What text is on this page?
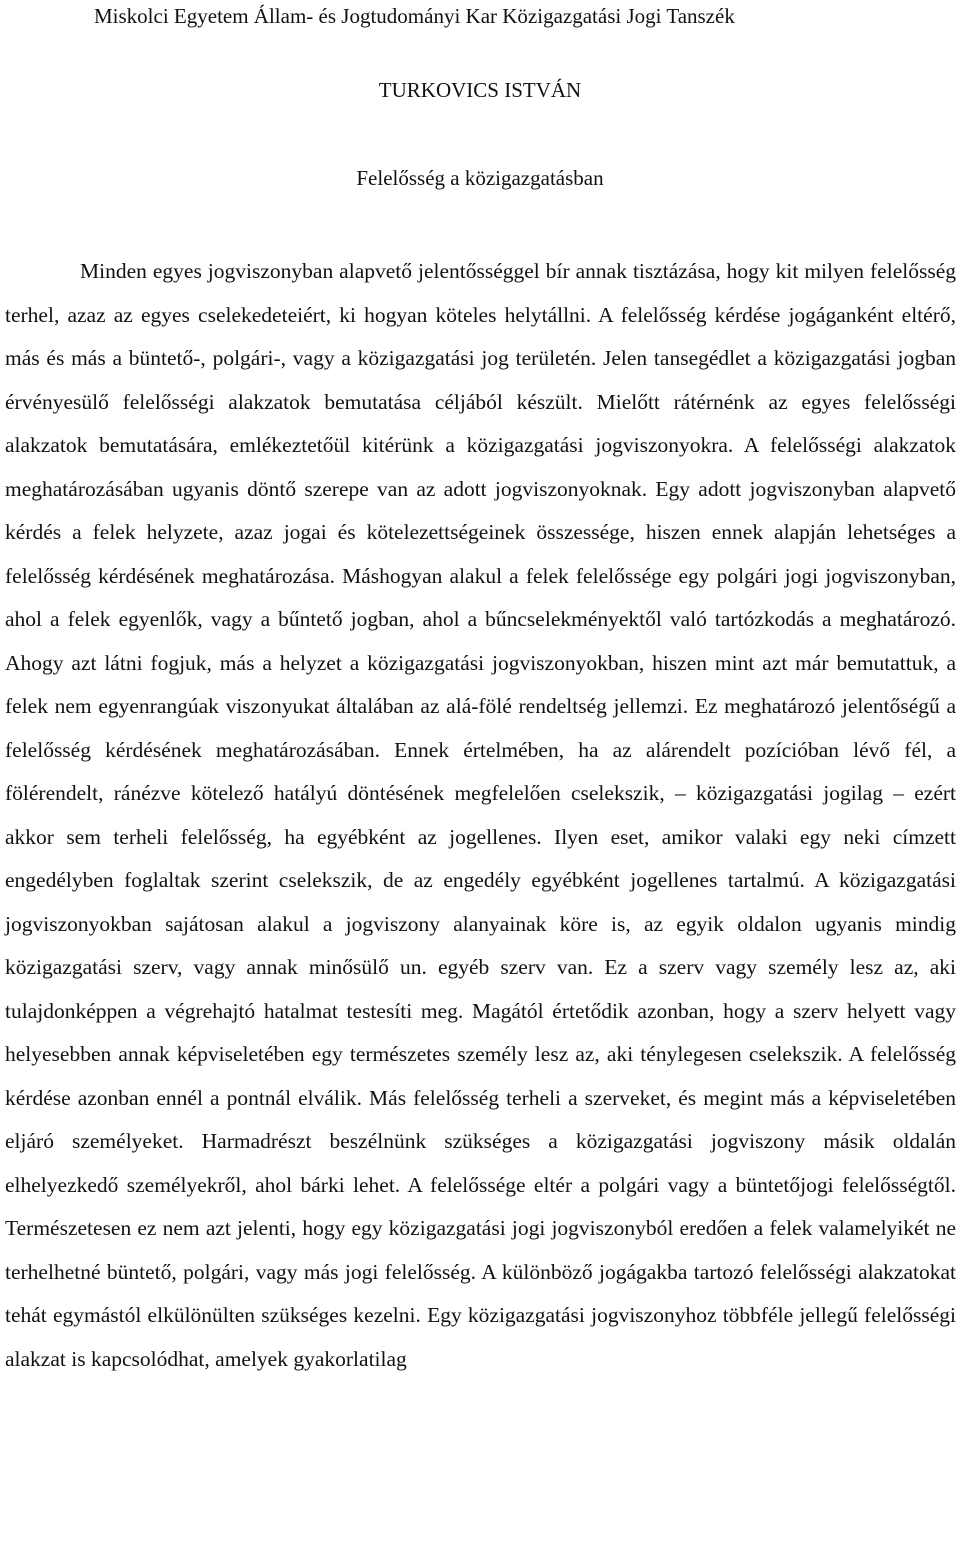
Miskolci Egyetem Állam- és Jogtudományi Kar Közigazgatási Jogi Tanszék
TURKOVICS ISTVÁN
Felelősség a közigazgatásban

Minden egyes jogviszonyban alapvető jelentősséggel bír annak tisztázása, hogy kit milyen felelősség terhel, azaz az egyes cselekedeteiért, ki hogyan köteles helytállni. A felelősség kérdése jogáganként eltérő, más és más a büntető-, polgári-, vagy a közigazgatási jog területén. Jelen tansegédlet a közigazgatási jogban érvényesülő felelősségi alakzatok bemutatása céljából készült. Mielőtt rátérnénk az egyes felelősségi alakzatok bemutatására, emlékeztetőül kitérünk a közigazgatási jogviszonyokra. A felelősségi alakzatok meghatározásában ugyanis döntő szerepe van az adott jogviszonyoknak. Egy adott jogviszonyban alapvető kérdés a felek helyzete, azaz jogai és kötelezettségeinek összessége, hiszen ennek alapján lehetséges a felelősség kérdésének meghatározása. Máshogyan alakul a felek felelőssége egy polgári jogi jogviszonyban, ahol a felek egyenlők, vagy a bűntető jogban, ahol a bűncselekményektől való tartózkodás a meghatározó. Ahogy azt látni fogjuk, más a helyzet a közigazgatási jogviszonyokban, hiszen mint azt már bemutattuk, a felek nem egyenrangúak viszonyukat általában az alá-fölé rendeltség jellemzi. Ez meghatározó jelentőségű a felelősség kérdésének meghatározásában. Ennek értelmében, ha az alárendelt pozícióban lévő fél, a fölérendelt, ránézve kötelező hatályú döntésének megfelelően cselekszik, – közigazgatási jogilag – ezért akkor sem terheli felelősség, ha egyébként az jogellenes. Ilyen eset, amikor valaki egy neki címzett engedélyben foglaltak szerint cselekszik, de az engedély egyébként jogellenes tartalmú. A közigazgatási jogviszonyokban sajátosan alakul a jogviszony alanyainak köre is, az egyik oldalon ugyanis mindig közigazgatási szerv, vagy annak minősülő un. egyéb szerv van. Ez a szerv vagy személy lesz az, aki tulajdonképpen a végrehajtó hatalmat testesíti meg. Magától értetődik azonban, hogy a szerv helyett vagy helyesebben annak képviseletében egy természetes személy lesz az, aki ténylegesen cselekszik. A felelősség kérdése azonban ennél a pontnál elválik. Más felelősség terheli a szerveket, és megint más a képviseletében eljáró személyeket. Harmadrészt beszélnünk szükséges a közigazgatási jogviszony másik oldalán elhelyezkedő személyekről, ahol bárki lehet. A felelőssége eltér a polgári vagy a büntetőjogi felelősségtől. Természetesen ez nem azt jelenti, hogy egy közigazgatási jogi jogviszonyból eredően a felek valamelyikét ne terhelhetné büntető, polgári, vagy más jogi felelősség. A különböző jogágakba tartozó felelősségi alakzatokat tehát egymástól elkülönülten szükséges kezelni. Egy közigazgatási jogviszonyhoz többféle jellegű felelősségi alakzat is kapcsolódhat, amelyek gyakorlatilag
